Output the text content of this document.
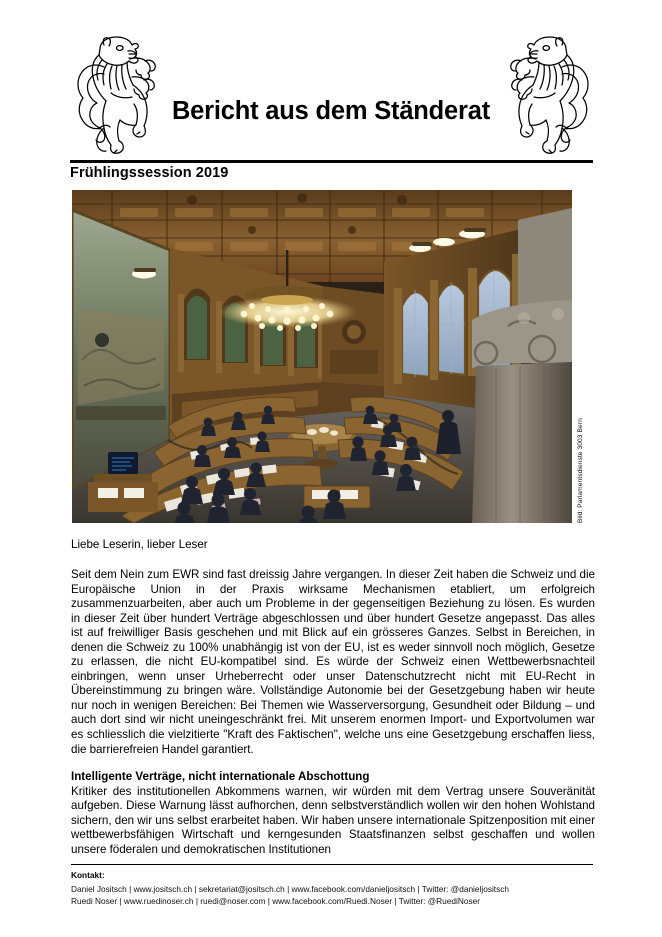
Bericht aus dem Ständerat
Frühlingssession 2019
Bild: Parlamentsdienste 3003 Bern

Liebe Leserin, lieber Leser

Seit dem Nein zum EWR sind fast dreissig Jahre vergangen. In dieser Zeit haben die Schweiz und die Europäische Union in der Praxis wirksame Mechanismen etabliert, um erfolgreich zusammenzuarbeiten, aber auch um Probleme in der gegenseitigen Beziehung zu lösen. Es wurden in dieser Zeit über hundert Verträge abgeschlossen und über hundert Gesetze angepasst. Das alles ist auf freiwilliger Basis geschehen und mit Blick auf ein grösseres Ganzes. Selbst in Bereichen, in denen die Schweiz zu 100% unabhängig ist von der EU, ist es weder sinnvoll noch möglich, Gesetze zu erlassen, die nicht EU-kompatibel sind. Es würde der Schweiz einen Wettbewerbsnachteil einbringen, wenn unser Urheberrecht oder unser Datenschutzrecht nicht mit EU-Recht in Übereinstimmung zu bringen wäre. Vollständige Autonomie bei der Gesetzgebung haben wir heute nur noch in wenigen Bereichen: Bei Themen wie Wasserversorgung, Gesundheit oder Bildung – und auch dort sind wir nicht uneingeschränkt frei. Mit unserem enormen Import- und Exportvolumen war es schliesslich die vielzitierte "Kraft des Faktischen", welche uns eine Gesetzgebung erschaffen liess, die barrierefreien Handel garantiert.

Intelligente Verträge, nicht internationale Abschottung

Kritiker des institutionellen Abkommens warnen, wir würden mit dem Vertrag unsere Souveränität aufgeben. Diese Warnung lässt aufhorchen, denn selbstverständlich wollen wir den hohen Wohlstand sichern, den wir uns selbst erarbeitet haben. Wir haben unsere internationale Spitzenposition mit einer wettbewerbsfähigen Wirtschaft und kerngesunden Staatsfinanzen selbst geschaffen und wollen unsere föderalen und demokratischen Institutionen

Kontakt:

Daniel Jositsch | www.jositsch.ch | sekretariat@jositsch.ch | www.facebook.com/danieljositsch | Twitter: @danieljositsch

Ruedi Noser | www.ruedinoser.ch | ruedi@noser.com | www.facebook.com/Ruedi.Noser | Twitter: @RuediNoser
